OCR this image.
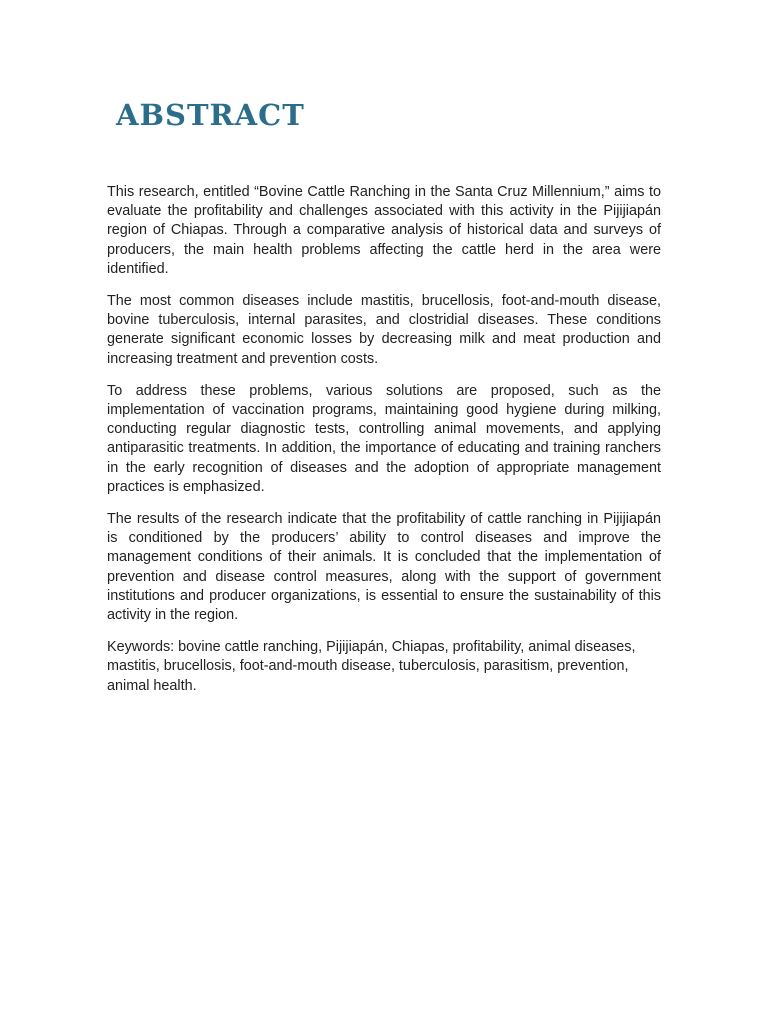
ABSTRACT

This research, entitled “Bovine Cattle Ranching in the Santa Cruz Millennium,” aims to evaluate the profitability and challenges associated with this activity in the Pijijiapán region of Chiapas. Through a comparative analysis of historical data and surveys of producers, the main health problems affecting the cattle herd in the area were identified.

The most common diseases include mastitis, brucellosis, foot-and-mouth disease, bovine tuberculosis, internal parasites, and clostridial diseases. These conditions generate significant economic losses by decreasing milk and meat production and increasing treatment and prevention costs.

To address these problems, various solutions are proposed, such as the implementation of vaccination programs, maintaining good hygiene during milking, conducting regular diagnostic tests, controlling animal movements, and applying antiparasitic treatments. In addition, the importance of educating and training ranchers in the early recognition of diseases and the adoption of appropriate management practices is emphasized.

The results of the research indicate that the profitability of cattle ranching in Pijijiapán is conditioned by the producers’ ability to control diseases and improve the management conditions of their animals. It is concluded that the implementation of prevention and disease control measures, along with the support of government institutions and producer organizations, is essential to ensure the sustainability of this activity in the region.

Keywords: bovine cattle ranching, Pijijiapán, Chiapas, profitability, animal diseases, mastitis, brucellosis, foot-and-mouth disease, tuberculosis, parasitism, prevention, animal health.
